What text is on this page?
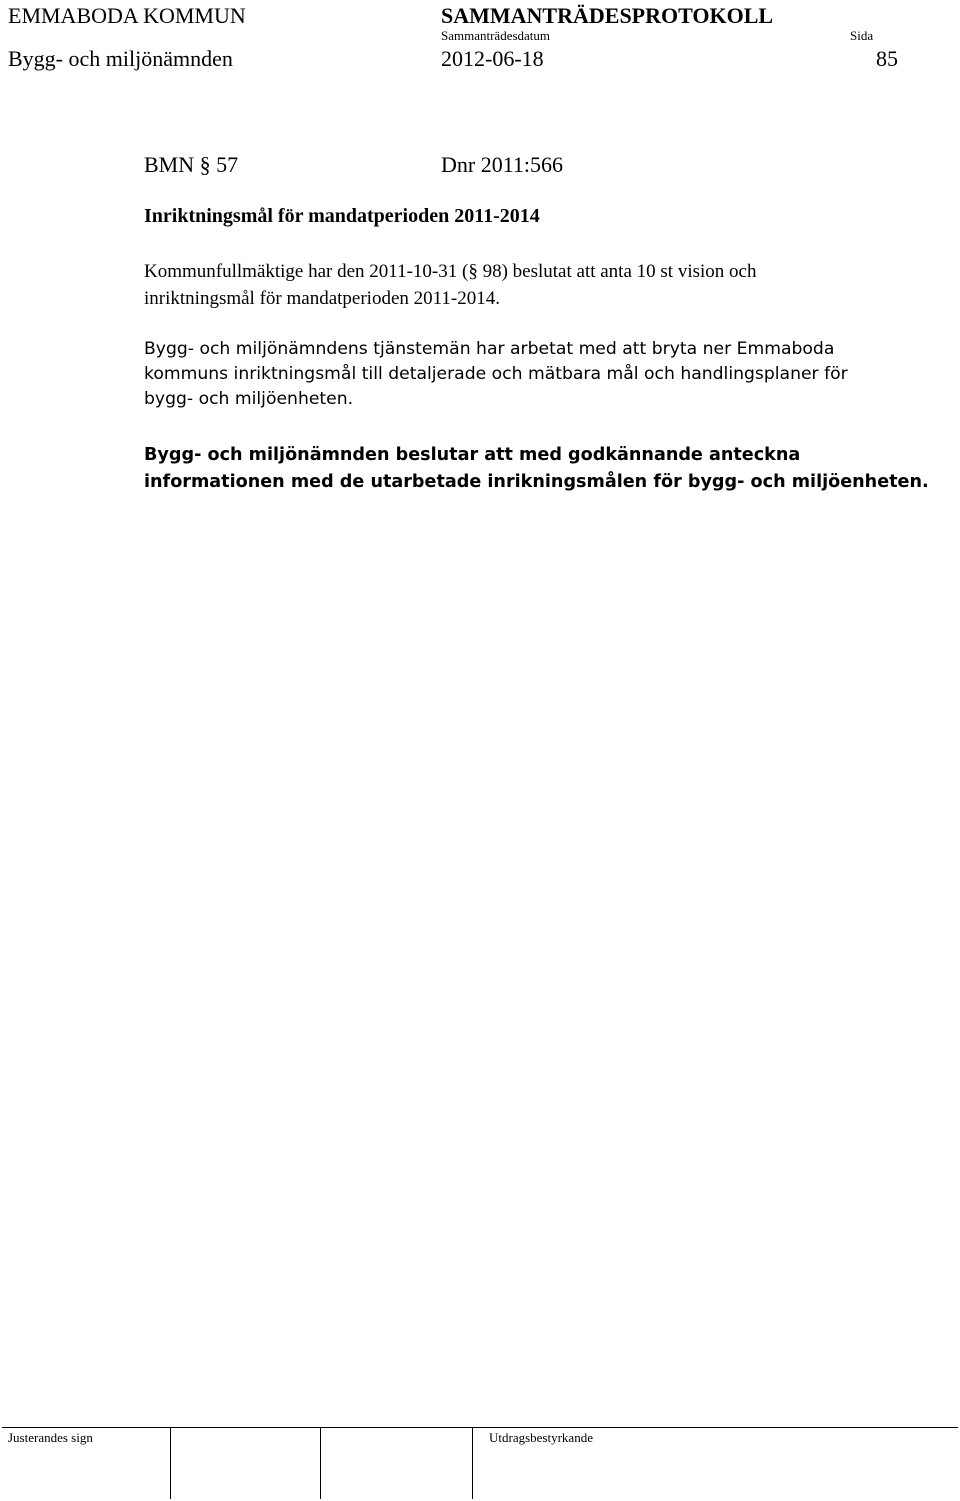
EMMABODA KOMMUN	SAMMANTRÄDESPROTOKOLL
Sammanträdesdatum	Sida
Bygg- och miljönämnden	2012-06-18	85
BMN § 57	Dnr 2011:566
Inriktningsmål för mandatperioden 2011-2014
Kommunfullmäktige har den 2011-10-31 (§ 98) beslutat att anta 10 st vision och
inriktningsmål för mandatperioden 2011-2014.
Bygg- och miljönämndens tjänstemän har arbetat med att bryta ner Emmaboda
kommuns inriktningsmål till detaljerade och mätbara mål och handlingsplaner för
bygg- och miljöenheten.
Bygg- och miljönämnden beslutar att med godkännande anteckna
informationen med de utarbetade inrikningsmålen för bygg- och miljöenheten.
Justerandes sign	Utdragsbestyrkande
